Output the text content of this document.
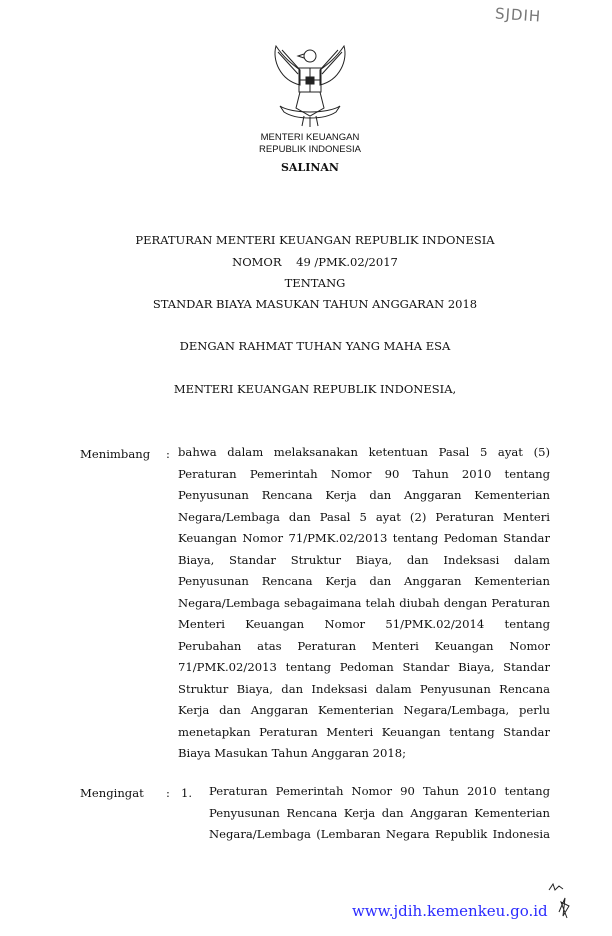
SJDIH
MENTERI KEUANGAN
REPUBLIK INDONESIA
SALINAN
PERATURAN MENTERI KEUANGAN REPUBLIK INDONESIA
NOMOR    49 /PMK.02/2017
TENTANG
STANDAR BIAYA MASUKAN TAHUN ANGGARAN 2018
DENGAN RAHMAT TUHAN YANG MAHA ESA
MENTERI KEUANGAN REPUBLIK INDONESIA,
Menimbang : bahwa dalam melaksanakan ketentuan Pasal 5 ayat (5)
Peraturan Pemerintah Nomor 90 Tahun 2010 tentang
Penyusunan Rencana Kerja dan Anggaran Kementerian
Negara/Lembaga dan Pasal 5 ayat (2) Peraturan Menteri
Keuangan Nomor 71/PMK.02/2013 tentang Pedoman Standar
Biaya, Standar Struktur Biaya, dan Indeksasi dalam
Penyusunan Rencana Kerja dan Anggaran Kementerian
Negara/Lembaga sebagaimana telah diubah dengan Peraturan
Menteri Keuangan Nomor 51/PMK.02/2014 tentang
Perubahan atas Peraturan Menteri Keuangan Nomor
71/PMK.02/2013 tentang Pedoman Standar Biaya, Standar
Struktur Biaya, dan Indeksasi dalam Penyusunan Rencana
Kerja dan Anggaran Kementerian Negara/Lembaga, perlu
menetapkan Peraturan Menteri Keuangan tentang Standar
Biaya Masukan Tahun Anggaran 2018;
Mengingat : 1. Peraturan Pemerintah Nomor 90 Tahun 2010 tentang
Penyusunan Rencana Kerja dan Anggaran Kementerian
Negara/Lembaga (Lembaran Negara Republik Indonesia
www.jdih.kemenkeu.go.id
